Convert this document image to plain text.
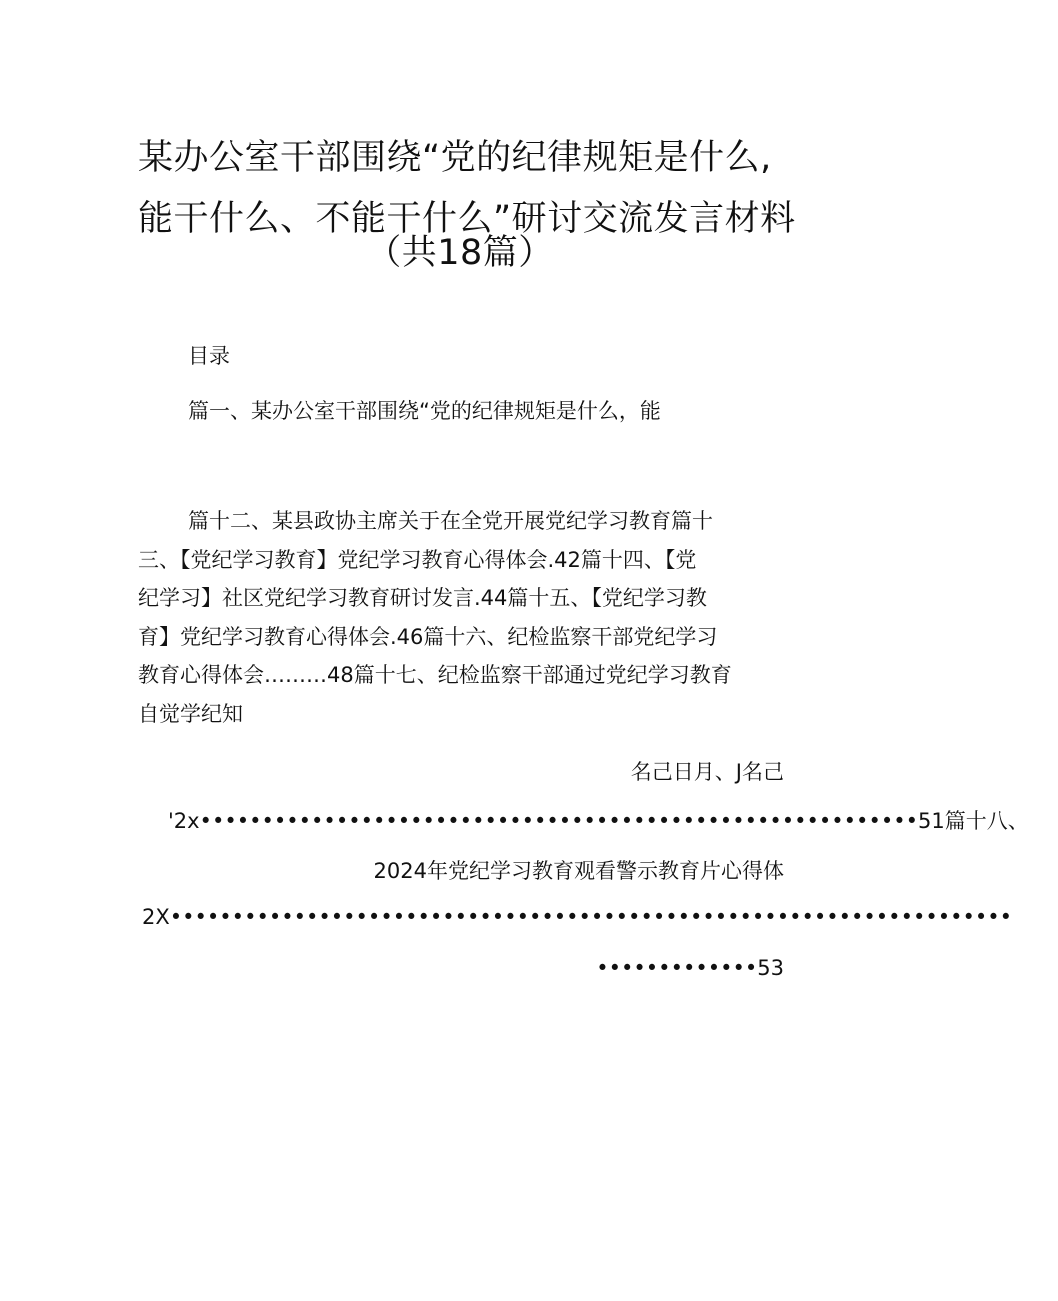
某办公室干部围绕“党的纪律规矩是什么,
能干什么、不能干什么”研讨交流发言材料
（共18篇）
目录
篇一、某办公室干部围绕“党的纪律规矩是什么，能
篇十二、某县政协主席关于在全党开展党纪学习教育篇十
三、【党纪学习教育】党纪学习教育心得体会.42篇十四、【党
纪学习】社区党纪学习教育研讨发言.44篇十五、【党纪学习教
育】党纪学习教育心得体会.46篇十六、纪检监察干部党纪学习
教育心得体会………48篇十七、纪检监察干部通过党纪学习教育
自觉学纪知
名己日月、J名己
'2x••••••••••••••••••••••••••••••••••••••••••••••••••••••••••51篇十八、
2024年党纪学习教育观看警示教育片心得体
2X••••••••••••••••••••••••••••••••••••••••••••••••••••••••••••••••••••
•••••••••••••53
